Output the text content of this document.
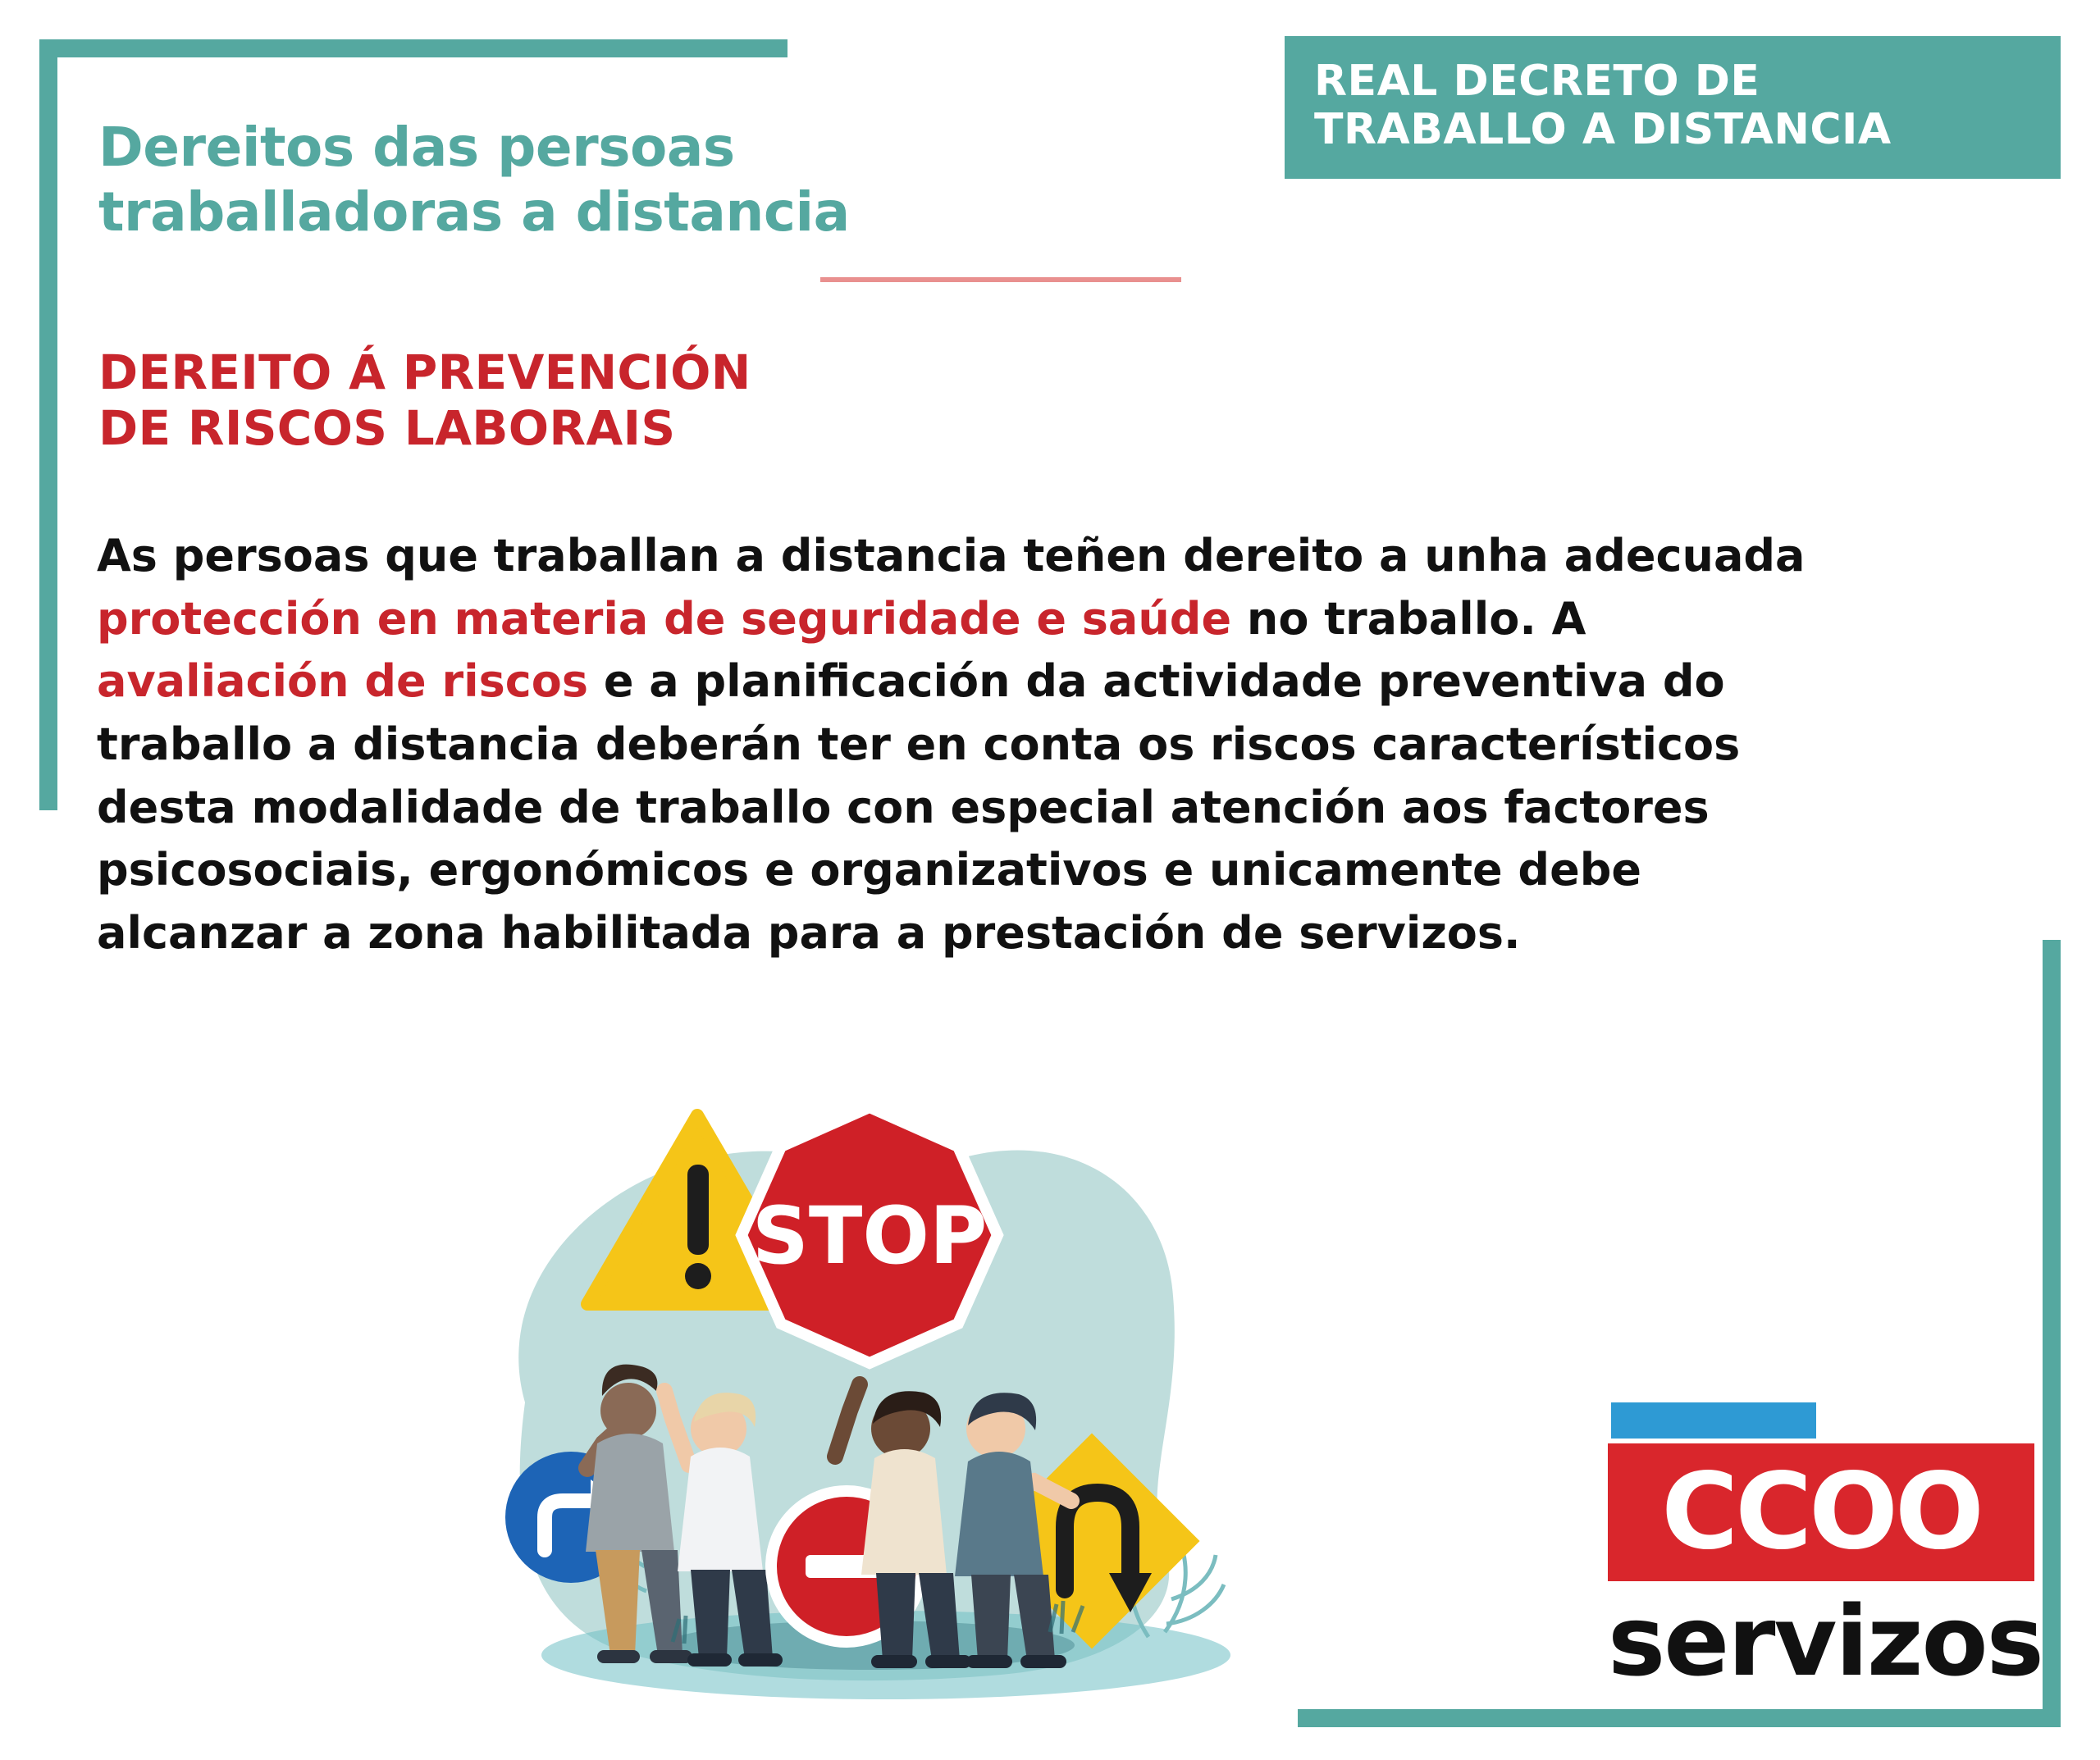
REAL DECRETO DE
TRABALLO A DISTANCIA
Dereitos das persoas traballadoras a distancia
DEREITO Á PREVENCIÓN
DE RISCOS LABORAIS
As persoas que traballan a distancia teñen dereito a unha adecuada protección en materia de seguridade e saúde no traballo. A avaliación de riscos e a planificación da actividade preventiva do traballo a distancia deberán ter en conta os riscos característicos desta modalidade de traballo con especial atención aos factores psicosociais, ergonómicos e organizativos e unicamente debe alcanzar a zona habilitada para a prestación de servizos.
STOP
CCOO
servizos
